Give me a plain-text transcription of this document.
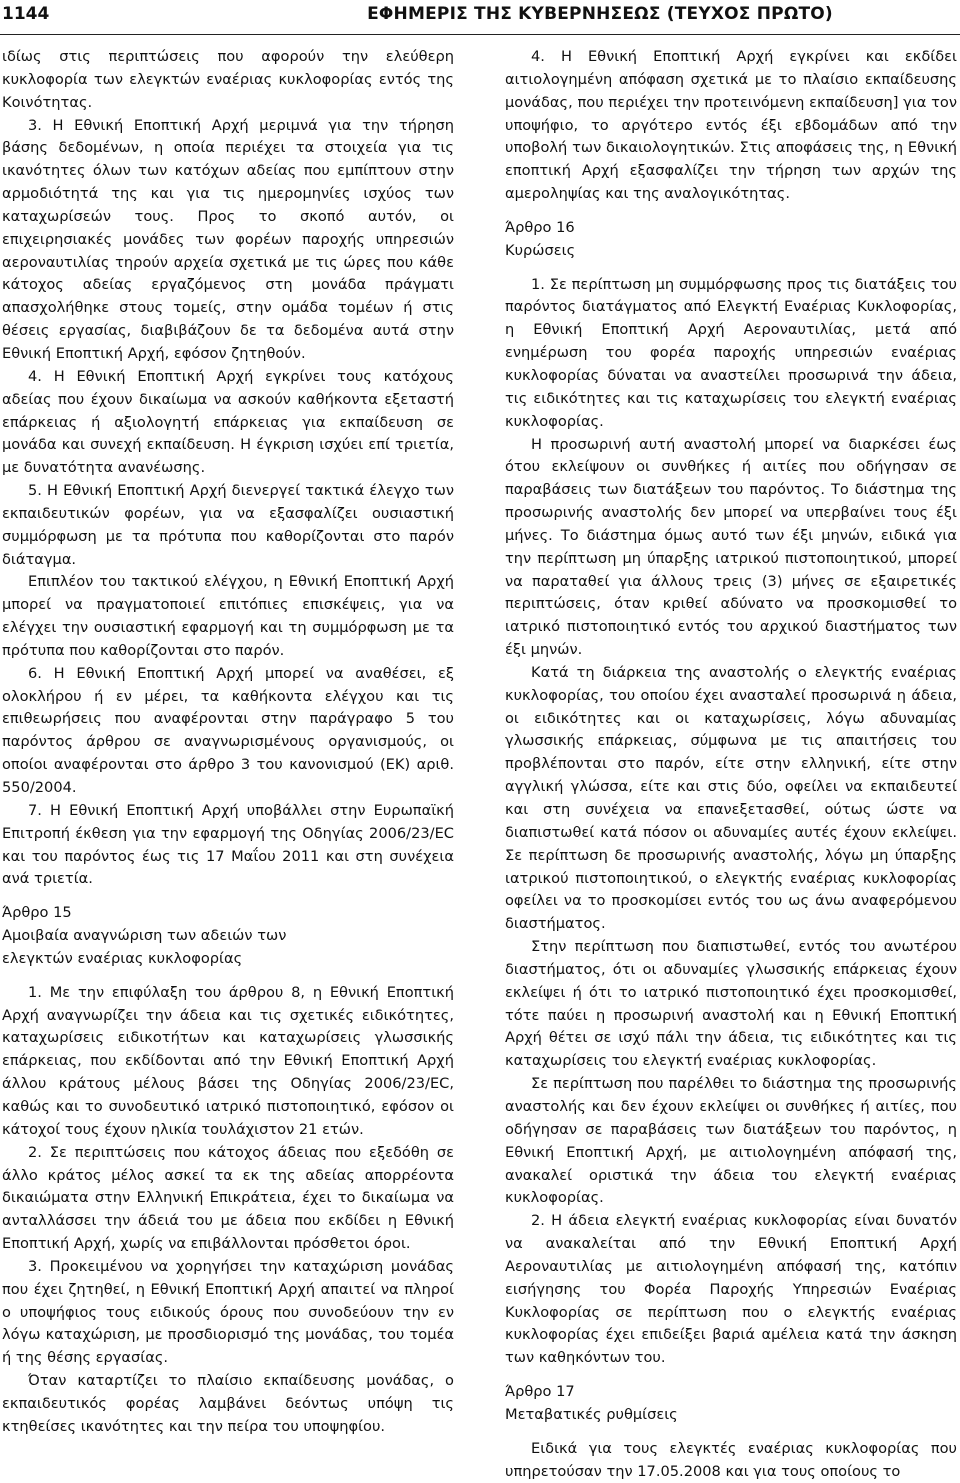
1144	ΕΦΗΜΕΡΙΣ ΤΗΣ ΚΥΒΕΡΝΗΣΕΩΣ (ΤΕΥΧΟΣ ΠΡΩΤΟ)

ιδίως στις περιπτώσεις που αφορούν την ελεύθερη κυκλοφορία των ελεγκτών εναέριας κυκλοφορίας εντός της Κοινότητας.

3. Η Εθνική Εποπτική Αρχή μεριμνά για την τήρηση βάσης δεδομένων, η οποία περιέχει τα στοιχεία για τις ικανότητες όλων των κατόχων αδείας που εμπίπτουν στην αρμοδιότητά της και για τις ημερομηνίες ισχύος των καταχωρίσεών τους. Προς το σκοπό αυτόν, οι επιχειρησιακές μονάδες των φορέων παροχής υπηρεσιών αεροναυτιλίας τηρούν αρχεία σχετικά με τις ώρες που κάθε κάτοχος αδείας εργαζόμενος στη μονάδα πράγματι απασχολήθηκε στους τομείς, στην ομάδα τομέων ή στις θέσεις εργασίας, διαβιβάζουν δε τα δεδομένα αυτά στην Εθνική Εποπτική Αρχή, εφόσον ζητηθούν.

4. Η Εθνική Εποπτική Αρχή εγκρίνει τους κατόχους αδείας που έχουν δικαίωμα να ασκούν καθήκοντα εξεταστή επάρκειας ή αξιολογητή επάρκειας για εκπαίδευση σε μονάδα και συνεχή εκπαίδευση. Η έγκριση ισχύει επί τριετία, με δυνατότητα ανανέωσης.

5. Η Εθνική Εποπτική Αρχή διενεργεί τακτικά έλεγχο των εκπαιδευτικών φορέων, για να εξασφαλίζει ουσιαστική συμμόρφωση με τα πρότυπα που καθορίζονται στο παρόν διάταγμα.

Επιπλέον του τακτικού ελέγχου, η Εθνική Εποπτική Αρχή μπορεί να πραγματοποιεί επιτόπιες επισκέψεις, για να ελέγχει την ουσιαστική εφαρμογή και τη συμμόρφωση με τα πρότυπα που καθορίζονται στο παρόν.

6. Η Εθνική Εποπτική Αρχή μπορεί να αναθέσει, εξ ολοκλήρου ή εν μέρει, τα καθήκοντα ελέγχου και τις επιθεωρήσεις που αναφέρονται στην παράγραφο 5 του παρόντος άρθρου σε αναγνωρισμένους οργανισμούς, οι οποίοι αναφέρονται στο άρθρο 3 του κανονισμού (ΕΚ) αριθ. 550/2004.

7. Η Εθνική Εποπτική Αρχή υποβάλλει στην Ευρωπαϊκή Επιτροπή έκθεση για την εφαρμογή της Οδηγίας 2006/23/ΕC και του παρόντος έως τις 17 Μαΐου 2011 και στη συνέχεια ανά τριετία.

Άρθρο 15

Αμοιβαία αναγνώριση των αδειών των

ελεγκτών εναέριας κυκλοφορίας

1. Με την επιφύλαξη του άρθρου 8, η Εθνική Εποπτική Αρχή αναγνωρίζει την άδεια και τις σχετικές ειδικότητες, καταχωρίσεις ειδικοτήτων και καταχωρίσεις γλωσσικής επάρκειας, που εκδίδονται από την Εθνική Εποπτική Αρχή άλλου κράτους μέλους βάσει της Οδηγίας 2006/23/ΕC, καθώς και το συνοδευτικό ιατρικό πιστοποιητικό, εφόσον οι κάτοχοί τους έχουν ηλικία τουλάχιστον 21 ετών.

2. Σε περιπτώσεις που κάτοχος άδειας που εξεδόθη σε άλλο κράτος μέλος ασκεί τα εκ της αδείας απορρέοντα δικαιώματα στην Ελληνική Επικράτεια, έχει το δικαίωμα να ανταλλάσσει την άδειά του με άδεια που εκδίδει η Εθνική Εποπτική Αρχή, χωρίς να επιβάλλονται πρόσθετοι όροι.

3. Προκειμένου να χορηγήσει την καταχώριση μονάδας που έχει ζητηθεί, η Εθνική Εποπτική Αρχή απαιτεί να πληροί ο υποψήφιος τους ειδικούς όρους που συνοδεύουν την εν λόγω καταχώριση, με προσδιορισμό της μονάδας, του τομέα ή της θέσης εργασίας.

Όταν καταρτίζει το πλαίσιο εκπαίδευσης μονάδας, ο εκπαιδευτικός φορέας λαμβάνει δεόντως υπόψη τις κτηθείσες ικανότητες και την πείρα του υποψηφίου.

4. Η Εθνική Εποπτική Αρχή εγκρίνει και εκδίδει αιτιολογημένη απόφαση σχετικά με το πλαίσιο εκπαίδευσης μονάδας, που περιέχει την προτεινόμενη εκπαίδευση] για τον υποψήφιο, το αργότερο εντός έξι εβδομάδων από την υποβολή των δικαιολογητικών. Στις αποφάσεις της, η Εθνική εποπτική Αρχή εξασφαλίζει την τήρηση των αρχών της αμεροληψίας και της αναλογικότητας.

Άρθρο 16

Κυρώσεις

1. Σε περίπτωση μη συμμόρφωσης προς τις διατάξεις του παρόντος διατάγματος από Ελεγκτή Εναέριας Κυκλοφορίας, η Εθνική Εποπτική Αρχή Αεροναυτιλίας, μετά από ενημέρωση του φορέα παροχής υπηρεσιών εναέριας κυκλοφορίας δύναται να αναστείλει προσωρινά την άδεια, τις ειδικότητες και τις καταχωρίσεις του ελεγκτή εναέριας κυκλοφορίας.

Η προσωρινή αυτή αναστολή μπορεί να διαρκέσει έως ότου εκλείψουν οι συνθήκες ή αιτίες που οδήγησαν σε παραβάσεις των διατάξεων του παρόντος. Το διάστημα της προσωρινής αναστολής δεν μπορεί να υπερβαίνει τους έξι μήνες. Το διάστημα όμως αυτό των έξι μηνών, ειδικά για την περίπτωση μη ύπαρξης ιατρικού πιστοποιητικού, μπορεί να παραταθεί για άλλους τρεις (3) μήνες σε εξαιρετικές περιπτώσεις, όταν κριθεί αδύνατο να προσκομισθεί το ιατρικό πιστοποιητικό εντός του αρχικού διαστήματος των έξι μηνών.

Κατά τη διάρκεια της αναστολής ο ελεγκτής εναέριας κυκλοφορίας, του οποίου έχει ανασταλεί προσωρινά η άδεια, οι ειδικότητες και οι καταχωρίσεις, λόγω αδυναμίας γλωσσικής επάρκειας, σύμφωνα με τις απαιτήσεις του προβλέπονται στο παρόν, είτε στην ελληνική, είτε στην αγγλική γλώσσα, είτε και στις δύο, οφείλει να εκπαιδευτεί και στη συνέχεια να επανεξετασθεί, ούτως ώστε να διαπιστωθεί κατά πόσον οι αδυναμίες αυτές έχουν εκλείψει. Σε περίπτωση δε προσωρινής αναστολής, λόγω μη ύπαρξης ιατρικού πιστοποιητικού, ο ελεγκτής εναέριας κυκλοφορίας οφείλει να το προσκομίσει εντός του ως άνω αναφερόμενου διαστήματος.

Στην περίπτωση που διαπιστωθεί, εντός του ανωτέρου διαστήματος, ότι οι αδυναμίες γλωσσικής επάρκειας έχουν εκλείψει ή ότι το ιατρικό πιστοποιητικό έχει προσκομισθεί, τότε παύει η προσωρινή αναστολή και η Εθνική Εποπτική Αρχή θέτει σε ισχύ πάλι την άδεια, τις ειδικότητες και τις καταχωρίσεις του ελεγκτή εναέριας κυκλοφορίας.

Σε περίπτωση που παρέλθει το διάστημα της προσωρινής αναστολής και δεν έχουν εκλείψει οι συνθήκες ή αιτίες, που οδήγησαν σε παραβάσεις των διατάξεων του παρόντος, η Εθνική Εποπτική Αρχή, με αιτιολογημένη απόφασή της, ανακαλεί οριστικά την άδεια του ελεγκτή εναέριας κυκλοφορίας.

2. Η άδεια ελεγκτή εναέριας κυκλοφορίας είναι δυνατόν να ανακαλείται από την Εθνική Εποπτική Αρχή Αεροναυτιλίας με αιτιολογημένη απόφασή της, κατόπιν εισήγησης του Φορέα Παροχής Υπηρεσιών Εναέριας Κυκλοφορίας σε περίπτωση που ο ελεγκτής εναέριας κυκλοφορίας έχει επιδείξει βαριά αμέλεια κατά την άσκηση των καθηκόντων του.

Άρθρο 17

Μεταβατικές ρυθμίσεις

Ειδικά για τους ελεγκτές εναέριας κυκλοφορίας που υπηρετούσαν την 17.05.2008 και για τους οποίους το
